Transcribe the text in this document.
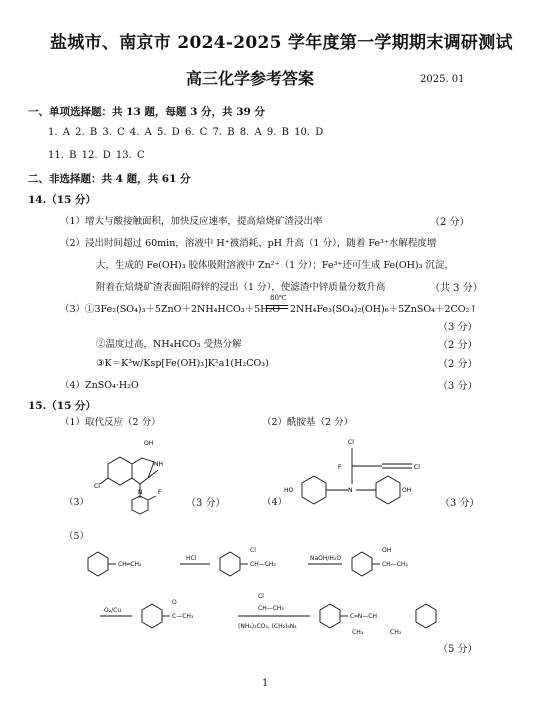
盐城市、南京市 2024-2025 学年度第一学期期末调研测试
高三化学参考答案	2025. 01
一、单项选择题：共 13 题，每题 3 分，共 39 分
1. A 2. B 3. C 4. A 5. D 6. C 7. B 8. A 9. B 10. D
11. B 12. D 13. C
二、非选择题：共 4 题，共 61 分
14.（15 分）
（1）增大与酸接触面积，加快反应速率，提高焙烧矿渣浸出率	（2 分）
（2）浸出时间超过 60min，溶液中 H⁺被消耗、pH 升高（1 分），随着 Fe³⁺水解程度增
大，生成的 Fe(OH)₃ 胶体吸附溶液中 Zn²⁺（1 分）；Fe³⁺还可生成 Fe(OH)₃ 沉淀，
附着在焙烧矿渣表面阻碍锌的浸出（1 分），使滤渣中锌质量分数升高	（共 3 分）
（3）①3Fe₂(SO₄)₃＋5ZnO＋2NH₄HCO₃＋5H₂O
80℃
2NH₄Fe₃(SO₄)₂(OH)₆＋5ZnSO₄＋2CO₂↑
（3 分）
②温度过高，NH₄HCO₃ 受热分解	（2 分）
③K＝K³w/Ksp[Fe(OH)₃]K²a1(H₂CO₃)	（2 分）
（4）ZnSO₄·H₂O	（3 分）
15.（15 分）
（1）取代反应（2 分）	（2）酰胺基（2 分）
（3）	（3 分）	（4）	（3 分）
（5）
（5 分）
OH
NH
N
Cl
F
Cl
F	Cl
N
HO	OH
CH═CH₂
HCl
Cl
CH—CH₃
NaOH/H₂O
OH
CH—CH₃
O₂/Cu
O
C—CH₃
Cl
CH—CH₃
(NH₄)₂CO₃, (CH₂)₆N₄
C═N—CH
CH₃	CH₃
1
